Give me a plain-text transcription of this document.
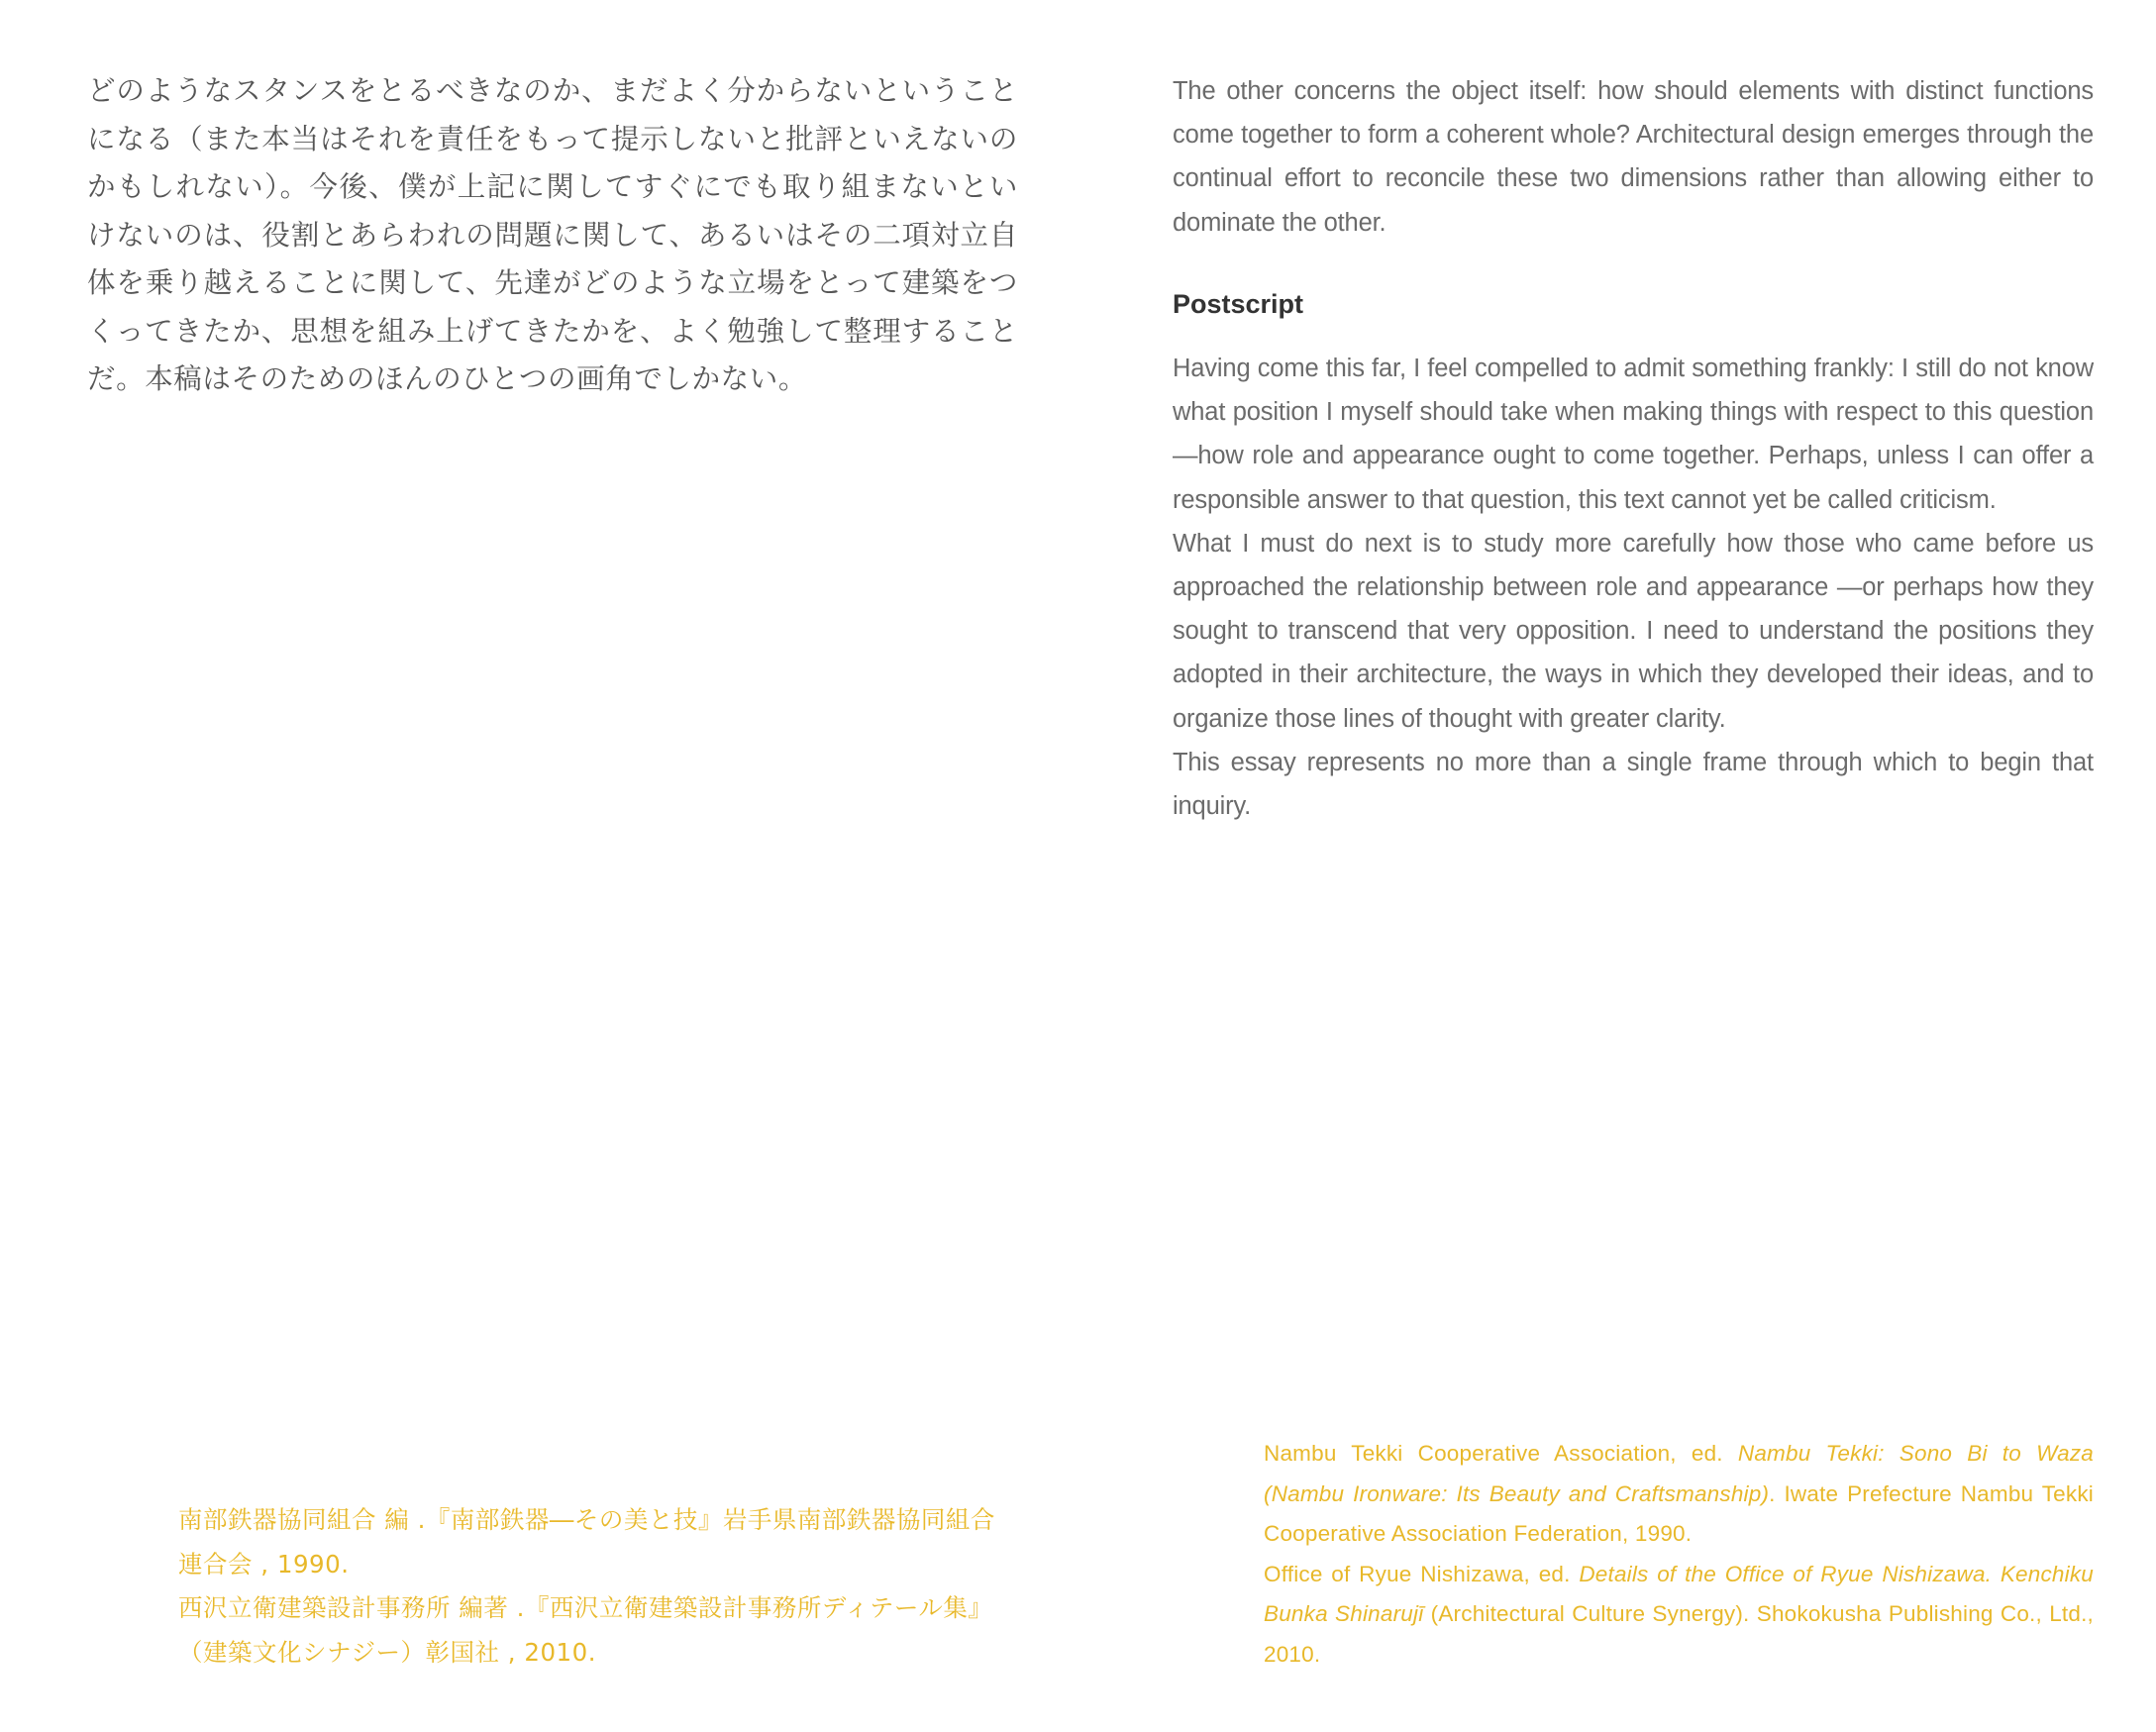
どのようなスタンスをとるべきなのか、まだよく分からないということになる（また本当はそれを責任をもって提示しないと批評といえないのかもしれない）。今後、僕が上記に関してすぐにでも取り組まないといけないのは、役割とあらわれの問題に関して、あるいはその二項対立自体を乗り越えることに関して、先達がどのような立場をとって建築をつくってきたか、思想を組み上げてきたかを、よく勉強して整理することだ。本稿はそのためのほんのひとつの画角でしかない。

南部鉄器協同組合 編 .『南部鉄器―その美と技』岩手県南部鉄器協同組合連合会 , 1990.

西沢立衛建築設計事務所 編著 .『西沢立衛建築設計事務所ディテール集』（建築文化シナジー）彰国社 , 2010.

The other concerns the object itself: how should elements with distinct functions come together to form a coherent whole? Architectural design emerges through the continual effort to reconcile these two dimensions rather than allowing either to dominate the other.

Postscript

Having come this far, I feel compelled to admit something frankly: I still do not know what position I myself should take when making things with respect to this question—how role and appearance ought to come together. Perhaps, unless I can offer a responsible answer to that question, this text cannot yet be called criticism.

What I must do next is to study more carefully how those who came before us approached the relationship between role and appearance —or perhaps how they sought to transcend that very opposition. I need to understand the positions they adopted in their architecture, the ways in which they developed their ideas, and to organize those lines of thought with greater clarity.

This essay represents no more than a single frame through which to begin that inquiry.

Nambu Tekki Cooperative Association, ed. Nambu Tekki: Sono Bi to Waza (Nambu Ironware: Its Beauty and Craftsmanship). Iwate Prefecture Nambu Tekki Cooperative Association Federation, 1990.

Office of Ryue Nishizawa, ed. Details of the Office of Ryue Nishizawa. Kenchiku Bunka Shinarujī (Architectural Culture Synergy). Shokokusha Publishing Co., Ltd., 2010.
